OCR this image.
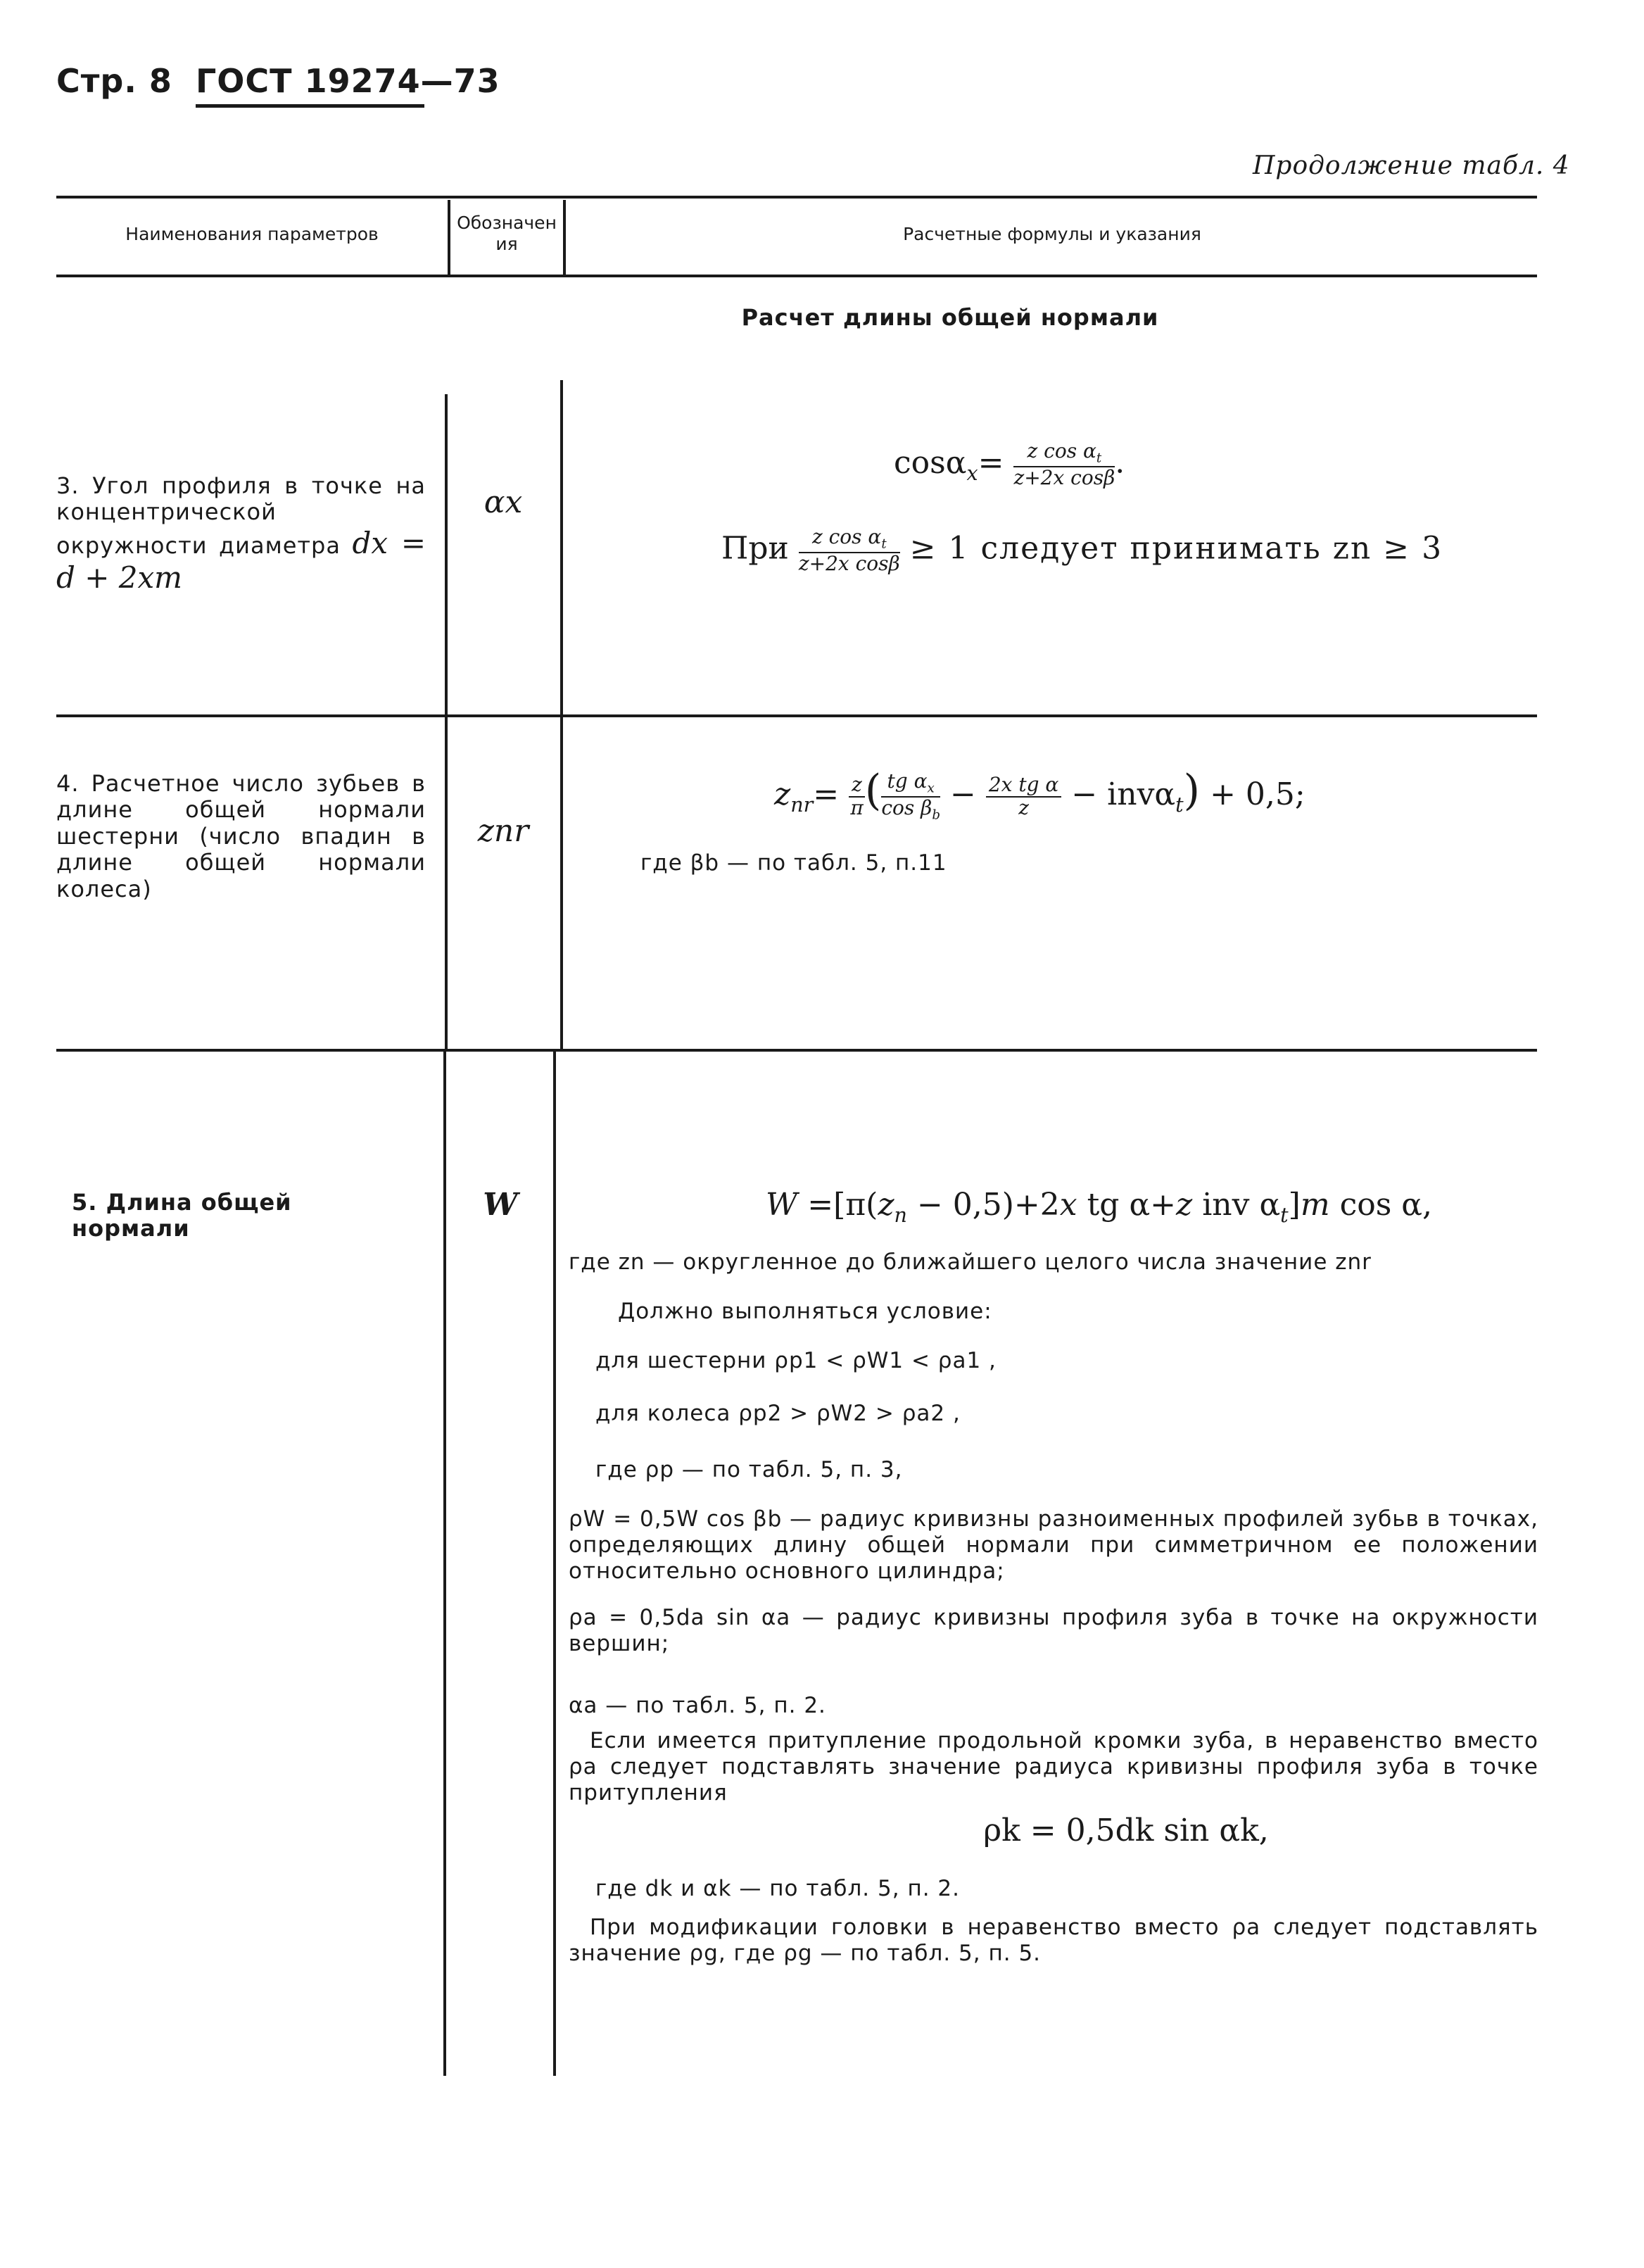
Стр. 8 ГОСТ 19274—73
Продолжение табл. 4
Наименования параметров
Обозначения	Расчетные формулы и указания
Расчет длины общей нормали
3. Угол профиля в точке на концентрической окружности диаметра dx = d + 2xm
αx
$\cos\alpha_x= \frac{z \cos \alpha_t}{\text{z+2x cosβ}}$ .
При $\frac{z \cos \alpha_t}{\text{z+2x cosβ}} \ge 1$ следует принимать zn ≥ 3
4. Расчетное число зубьев в длине общей нормали шестерни (число впадин в длине общей нормали колеса)
znr
$z_{nr}= \frac{z}{\pi}$ ( $\frac{tg \alpha_x}{\cos \beta_b} - \frac{\text{2x tg α}}{z} - inv\alpha_t) + 0,5$;
где βb — по табл. 5, п.11
5. Длина общей нормали
W	$W =[\pi(z_n - 0,5)+2x$ tg α+z inv $\alpha_t]m$ cos α,
где zn — округленное до ближайшего целого числа значение znr
Должно выполняться условие:
для шестерни ρp1 < ρW1 < ρa1 ,
для колеса ρp2 > ρW2 > ρa2 ,
где ρp — по табл. 5, п. 3,
ρW = 0,5W cos βb — радиус кривизны разноименных профилей зубьв в точках, определяющих длину общей нормали при симметричном ее положении относительно основного цилиндра;
ρa = 0,5da sin αa — радиус кривизны профиля зуба в точке на окружности вершин;
αa — по табл. 5, п. 2.
Если имеется притупление продольной кромки зуба, в неравенство вместо ρa следует подставлять значение радиуса кривизны профиля зуба в точке притупления
ρk = 0,5dk sin αk,
где dk и αk — по табл. 5, п. 2.
При модификации головки в неравенство вместо ρa следует подставлять значение ρg, где ρg — по табл. 5, п. 5.
